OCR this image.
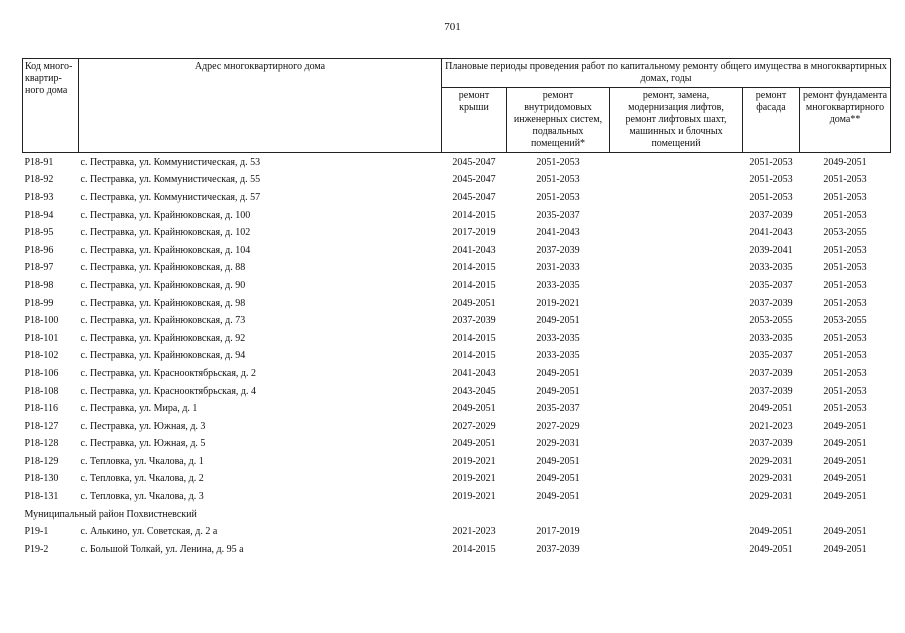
701
Код много-квартир-ного дома	Адрес многоквартирного дома	Плановые периоды проведения работ по капитальному ремонту общего имущества в многоквартирных домах, годы				
		ремонт крыши	ремонт внутридомовых инженерных систем, подвальных помещений*	ремонт, замена, модернизация лифтов, ремонт лифтовых шахт, машинных и блочных помещений	ремонт фасада	ремонт фундамента многоквартирного дома**
P18-91	с. Пестравка, ул. Коммунистическая, д. 53	2045-2047	2051-2053		2051-2053	2049-2051
P18-92	с. Пестравка, ул. Коммунистическая, д. 55	2045-2047	2051-2053		2051-2053	2051-2053
P18-93	с. Пестравка, ул. Коммунистическая, д. 57	2045-2047	2051-2053		2051-2053	2051-2053
P18-94	с. Пестравка, ул. Крайнюковская, д. 100	2014-2015	2035-2037		2037-2039	2051-2053
P18-95	с. Пестравка, ул. Крайнюковская, д. 102	2017-2019	2041-2043		2041-2043	2053-2055
P18-96	с. Пестравка, ул. Крайнюковская, д. 104	2041-2043	2037-2039		2039-2041	2051-2053
P18-97	с. Пестравка, ул. Крайнюковская, д. 88	2014-2015	2031-2033		2033-2035	2051-2053
P18-98	с. Пестравка, ул. Крайнюковская, д. 90	2014-2015	2033-2035		2035-2037	2051-2053
P18-99	с. Пестравка, ул. Крайнюковская, д. 98	2049-2051	2019-2021		2037-2039	2051-2053
P18-100	с. Пестравка, ул. Крайнюковская, д. 73	2037-2039	2049-2051		2053-2055	2053-2055
P18-101	с. Пестравка, ул. Крайнюковская, д. 92	2014-2015	2033-2035		2033-2035	2051-2053
P18-102	с. Пестравка, ул. Крайнюковская, д. 94	2014-2015	2033-2035		2035-2037	2051-2053
P18-106	с. Пестравка, ул. Краснооктябрьская, д. 2	2041-2043	2049-2051		2037-2039	2051-2053
P18-108	с. Пестравка, ул. Краснооктябрьская, д. 4	2043-2045	2049-2051		2037-2039	2051-2053
P18-116	с. Пестравка, ул. Мира, д. 1	2049-2051	2035-2037		2049-2051	2051-2053
P18-127	с. Пестравка, ул. Южная, д. 3	2027-2029	2027-2029		2021-2023	2049-2051
P18-128	с. Пестравка, ул. Южная, д. 5	2049-2051	2029-2031		2037-2039	2049-2051
P18-129	с. Тепловка, ул. Чкалова, д. 1	2019-2021	2049-2051		2029-2031	2049-2051
P18-130	с. Тепловка, ул. Чкалова, д. 2	2019-2021	2049-2051		2029-2031	2049-2051
P18-131	с. Тепловка, ул. Чкалова, д. 3	2019-2021	2049-2051		2029-2031	2049-2051
Муниципальный район Похвистневский						
P19-1	с. Алькино, ул. Советская, д. 2 а	2021-2023	2017-2019		2049-2051	2049-2051
P19-2	с. Большой Толкай, ул. Ленина, д. 95 а	2014-2015	2037-2039		2049-2051	2049-2051
